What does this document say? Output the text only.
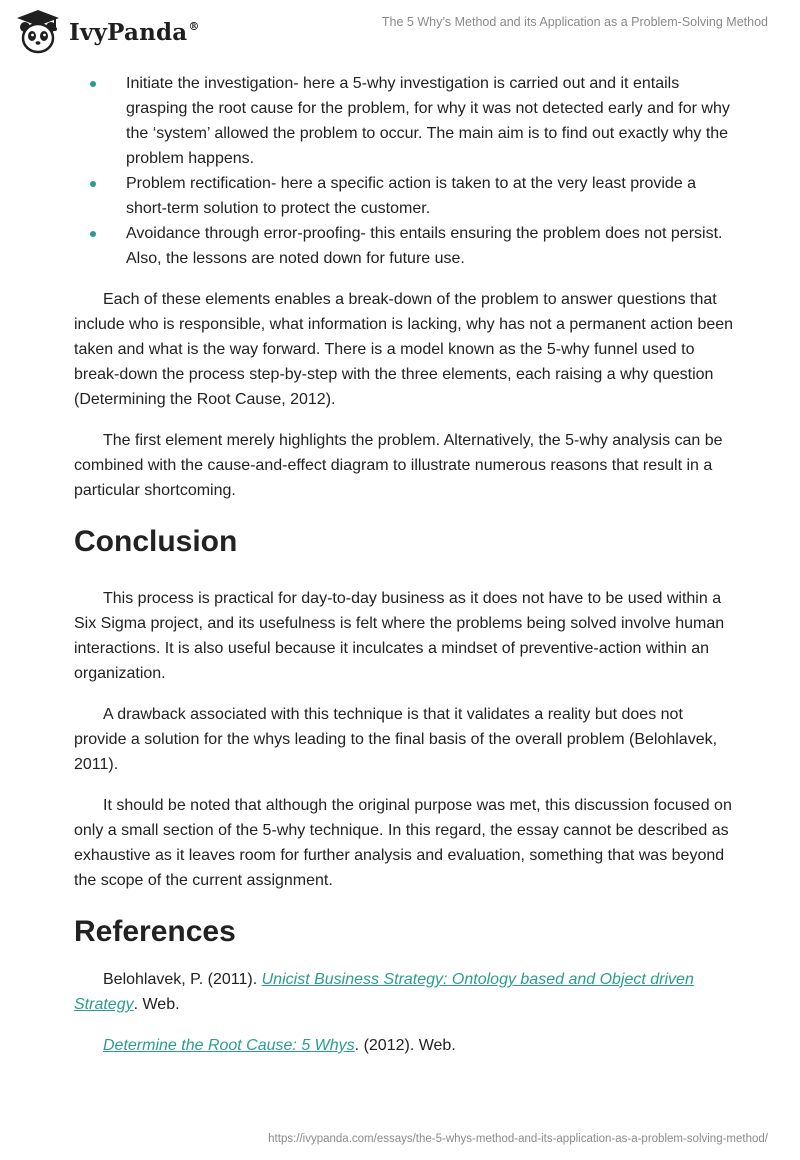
IvyPanda®	The 5 Why’s Method and its Application as a Problem-Solving Method
Initiate the investigation- here a 5-why investigation is carried out and it entails grasping the root cause for the problem, for why it was not detected early and for why the ‘system’ allowed the problem to occur. The main aim is to find out exactly why the problem happens.
Problem rectification- here a specific action is taken to at the very least provide a short-term solution to protect the customer.
Avoidance through error-proofing- this entails ensuring the problem does not persist. Also, the lessons are noted down for future use.

Each of these elements enables a break-down of the problem to answer questions that include who is responsible, what information is lacking, why has not a permanent action been taken and what is the way forward. There is a model known as the 5-why funnel used to break-down the process step-by-step with the three elements, each raising a why question (Determining the Root Cause, 2012).

The first element merely highlights the problem. Alternatively, the 5-why analysis can be combined with the cause-and-effect diagram to illustrate numerous reasons that result in a particular shortcoming.

Conclusion

This process is practical for day-to-day business as it does not have to be used within a Six Sigma project, and its usefulness is felt where the problems being solved involve human interactions. It is also useful because it inculcates a mindset of preventive-action within an organization.

A drawback associated with this technique is that it validates a reality but does not provide a solution for the whys leading to the final basis of the overall problem (Belohlavek, 2011).

It should be noted that although the original purpose was met, this discussion focused on only a small section of the 5-why technique. In this regard, the essay cannot be described as exhaustive as it leaves room for further analysis and evaluation, something that was beyond the scope of the current assignment.

References

Belohlavek, P. (2011). Unicist Business Strategy: Ontology based and Object driven Strategy. Web.

Determine the Root Cause: 5 Whys. (2012). Web.

https://ivypanda.com/essays/the-5-whys-method-and-its-application-as-a-problem-solving-method/
